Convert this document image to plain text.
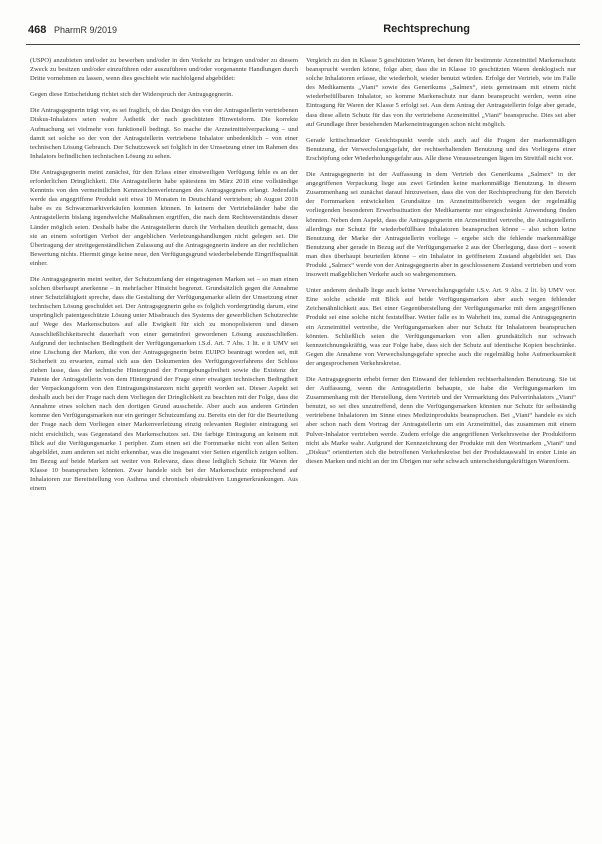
468 PharmR 9/2019	Rechtsprechung

(USPO) anzubieten und/oder zu bewerben und/oder in den Verkehr zu bringen und/oder zu diesem Zweck zu besitzen und/oder einzuführen oder auszuführen und/oder vorgenannte Handlungen durch Dritte vornehmen zu lassen, wenn dies geschieht wie nachfolgend abgebildet:

Gegen diese Entscheidung richtet sich der Widerspruch der Antragsgegnerin.

Die Antragsgegnerin trägt vor, es sei fraglich, ob das Design des von der Antragstellerin vertriebenen Diskus-Inhalators seien wahre Ästhetik der nach geschützten Hinweisform. Die korrekte Aufmachung sei vielmehr von funktionell bedingt. So mache die Arzneimittelverpackung – und damit sei solche so der von der Antragstellerin vertriebene Inhalator unbedenklich – von einer technischen Lösung Gebrauch. Der Schutzzweck sei folglich in der Umsetzung einer im Rahmen des Inhalators befindlichen technischen Lösung zu sehen.

Die Antragsgegnerin meint zunächst, für den Erlass einer einstweiligen Verfügung fehle es an der erforderlichen Dringlichkeit. Die Antragstellerin habe spätestens im März 2018 eine vollständige Kenntnis von den vermeintlichen Kennzeichenverletzungen des Antragsgegners erlangt. Jedenfalls werde das angegriffene Produkt seit etwa 10 Monaten in Deutschland vertrieben; ab August 2018 habe es zu Schwarzmarktverkäufen kommen können. In keinem der Vertriebsländer habe die Antragstellerin bislang irgendwelche Maßnahmen ergriffen, die nach dem Rechtsverständnis dieser Länder möglich seien. Deshalb habe die Antragstellerin durch ihr Verhalten deutlich gemacht, dass sie an einem sofortigen Verbot der angeblichen Verletzungshandlungen nicht gelegen sei. Die Übertragung der streitgegenständlichen Zulassung auf die Antragsgegnerin ändere an der rechtlichen Bewertung nichts. Hiermit ginge keine neue, den Verfügungsgrund wiederbelebende Eingriffsqualität einher.

Die Antragsgegnerin meint weiter, der Schutzumfang der eingetragenen Marken sei – so man einen solchen überhaupt anerkenne – in mehrfacher Hinsicht begrenzt. Grundsätzlich gegen die Annahme einer Schutzfähigkeit spreche, dass die Gestaltung der Verfügungsmarke allein der Umsetzung einer technischen Lösung geschuldet sei. Der Antragsgegnerin gehe es folglich vordergründig darum, eine ursprünglich patentgeschützte Lösung unter Missbrauch des Systems der gewerblichen Schutzrechte auf Wege des Markenschutzes auf alle Ewigkeit für sich zu monopolisieren und diesen Ausschließlichkeitsrecht dauerhaft von einer gemeinfrei gewordenen Lösung auszuschließen. Aufgrund der technischen Bedingtheit der Verfügungsmarken i.S.d. Art. 7 Abs. 1 lit. e ii UMV sei eine Löschung der Marken, die von der Antragsgegnerin beim EUIPO beantragt worden sei, mit Sicherheit zu erwarten, zumal sich aus den Dokumenten des Verfügungsverfahrens der Schluss ziehen lasse, dass der technische Hintergrund der Formgebungsfreiheit sowie die Existenz der Patente der Antragstellerin von dem Hintergrund der Frage einer etwaigen technischen Bedingtheit der Verpackungsform von den Eintragungsinstanzen nicht geprüft worden sei. Dieser Aspekt sei deshalb auch bei der Frage nach dem Vorliegen der Dringlichkeit zu beachten mit der Folge, dass die Annahme eines solchen nach den dortigen Grund ausscheide. Aber auch aus anderen Gründen komme den Verfügungsmarken nur ein geringer Schutzumfang zu. Bereits ein der für die Beurteilung der Frage nach dem Vorliegen einer Markenverletzung einzig relevanten Register eintragung sei nicht ersichtlich, was Gegenstand des Markenschutzes sei. Die farbige Eintragung an keinem mit Blick auf die Verfügungsmarke 1 peripher. Zum einen sei die Formmarke nicht von allen Seiten abgebildet, zum anderen sei nicht erkennbar, was die insgesamt vier Seiten eigentlich zeigen sollten. Im Bezug auf beide Marken sei weiter von Relevanz, dass diese lediglich Schutz für Waren der Klasse 10 beanspruchen könnten. Zwar handele sich bei der Markenschutz entsprechend auf Inhalatoren zur Bereitstellung von Asthma und chronisch obstruktiven Lungenerkrankungen. Aus einem

Vergleich zu den in Klasse 5 geschützten Waren, bei denen für bestimmte Arzneimittel Markenschutz beansprucht werden könne, folge aber, dass die in Klasse 10 geschützten Waren denklogisch nur solche Inhalatoren erfasse, die wiederholt, wieder benutzt würden. Erfolge der Vertrieb, wie im Falle des Medikaments „Viani“ sowie des Generikums „Salmex“, stets gemeinsam mit einem nicht wiederbefüllbaren Inhalator, so komme Markenschutz nur dann beansprucht werden, wenn eine Eintragung für Waren der Klasse 5 erfolgt sei. Aus dem Antrag der Antragstellerin folge aber gerade, dass diese allein Schutz für das von ihr vertriebene Arzneimittel „Viani“ beanspruche. Dies sei aber auf Grundlage ihrer bestehenden Markeneintragungen schon nicht möglich.

Gerade kritischmarkter Gesichtspunkt werde sich auch auf die Fragen der markenmäßigen Benutzung, der Verwechslungsgefahr, der rechtserhaltenden Benutzung und des Vorliegens einer Erschöpfung oder Wiederholungsgefahr aus. Alle diese Voraussetzungen lägen im Streitfall nicht vor.

Die Antragsgegnerin ist der Auffassung in dem Vertrieb des Generikums „Salmex“ in der angegriffenen Verpackung liege aus zwei Gründen keine markenmäßige Benutzung. In diesem Zusammenhang sei zunächst darauf hinzuweisen, dass die von der Rechtsprechung für den Bereich der Formmarken entwickelten Grundsätze im Arzneimittelbereich wegen der regelmäßig vorliegenden besonderen Erwerbssituation der Medikamente nur eingeschränkt Anwendung finden könnten. Neben dem Aspekt, dass die Antragsgegnerin ein Arzneimittel vertreibe, die Antragstellerin allerdings nur Schutz für wiederbefüllbare Inhalatoren beanspruchen könne – also schon keine Benutzung der Marke der Antragstellerin vorliege – ergebe sich die fehlende markenmäßige Benutzung aber gerade in Bezug auf die Verfügungsmarke 2 aus der Überlegung, dass dort – soweit man dies überhaupt beurteilen könne – ein Inhalator in geöffnetem Zustand abgebildet sei. Das Produkt „Salmex“ werde von der Antragsgegnerin aber in geschlossenem Zustand vertrieben und vom insoweit maßgeblichen Verkehr auch so wahrgenommen.

Unter anderem deshalb liege auch keine Verwechslungsgefahr i.S.v. Art. 9 Abs. 2 lit. b) UMV vor. Eine solche scheide mit Blick auf beide Verfügungsmarken aber auch wegen fehlender Zeichenähnlichkeit aus. Bei einer Gegenüberstellung der Verfügungsmarke mit dem angegriffenen Produkt sei eine solche nicht feststellbar. Weiter falle es in Wahrheit ins, zumal die Antragsgegnerin ein Arzneimittel vertreibe, die Verfügungsmarken aber nur Schutz für Inhalatoren beanspruchen könnten. Schließlich seien die Verfügungsmarken von allen grundsätzlich nur schwach kennzeichnungskräftig, was zur Folge habe, dass sich der Schutz auf identische Kopien beschränke. Gegen die Annahme von Verwechslungsgefahr spreche auch die regelmäßig hohe Aufmerksamkeit der angesprochenen Verkehrskreise.

Die Antragsgegnerin erhebt ferner den Einwand der fehlenden rechtserhaltenden Benutzung. Sie ist der Auffassung, wenn die Antragstellerin behaupte, sie habe die Verfügungsmarken im Zusammenhang mit der Herstellung, dem Vertrieb und der Vermarktung des Pulverinhalators „Viani“ benutzt, so sei dies unzutreffend, denn die Verfügungsmarken könnten nur Schutz für selbständig vertriebene Inhalatoren im Sinne eines Medizinprodukts beanspruchen. Bei „Viani“ handele es sich aber schon nach dem Vortrag der Antragstellerin um ein Arzneimittel, das zusammen mit einem Pulver-Inhalator vertrieben werde. Zudem erfolge die angegriffenen Verkehrsweise der Produktform nicht als Marke wahr. Aufgrund der Kennzeichnung der Produkte mit den Wortmarken „Viani“ und „Diskus“ orientierten sich die betroffenen Verkehrskreise bei der Produktauswahl in erster Linie an diesen Marken und nicht an der im Übrigen nur sehr schwach unterscheidungskräftigen Warenform.
